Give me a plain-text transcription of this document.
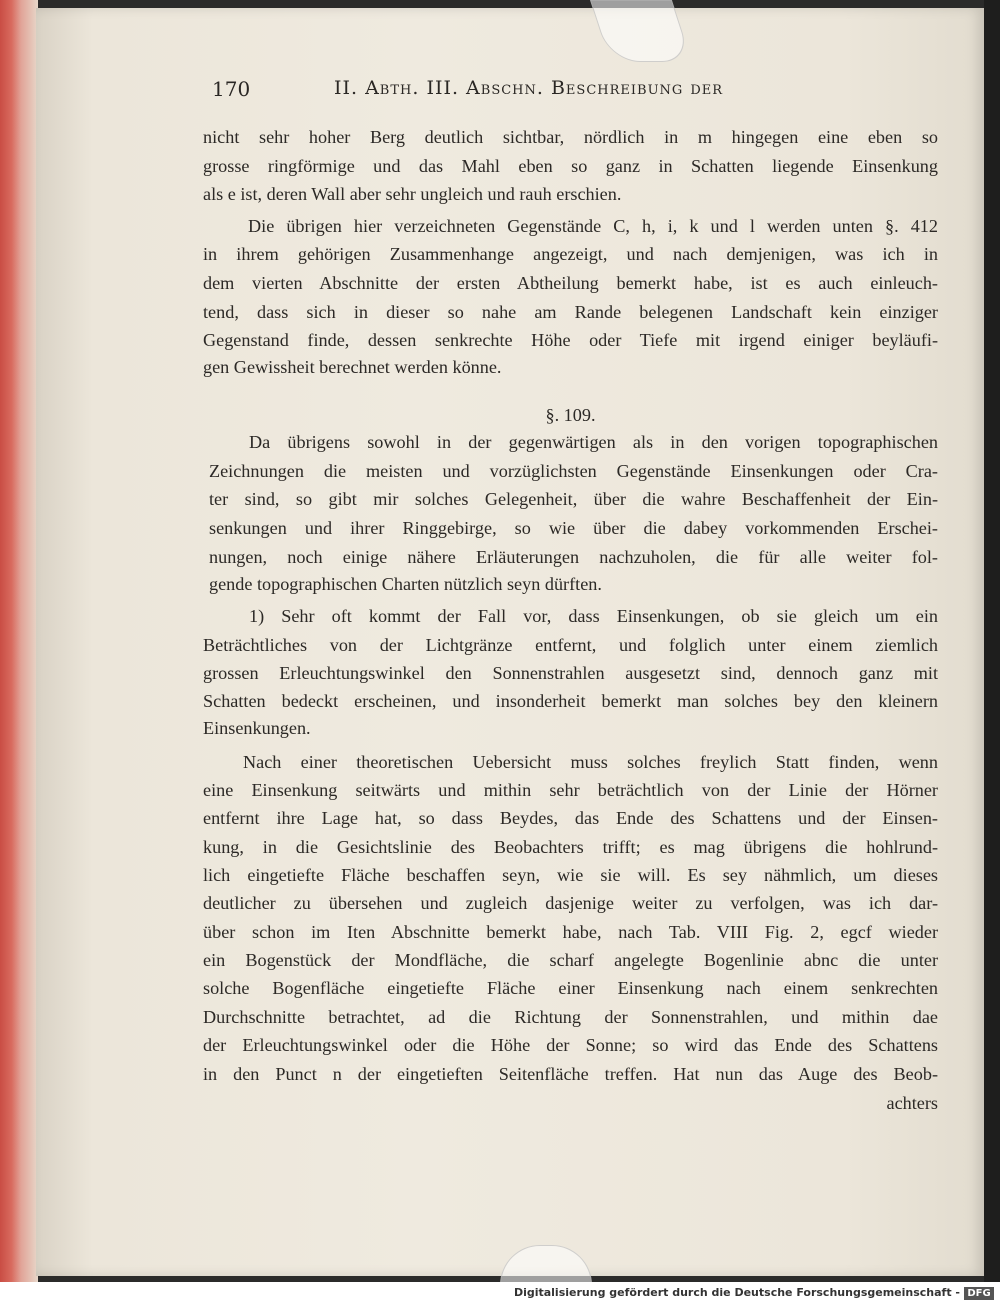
170	II. Abth. III. Abschn. Beschreibung der
nicht sehr hoher Berg deutlich sichtbar, nördlich in m hingegen eine eben so
grosse ringförmige und das Mahl eben so ganz in Schatten liegende Einsenkung
als e ist, deren Wall aber sehr ungleich und rauh erschien.
Die übrigen hier verzeichneten Gegenstände C, h, i, k und l werden unten §. 412
in ihrem gehörigen Zusammenhange angezeigt, und nach demjenigen, was ich in
dem vierten Abschnitte der ersten Abtheilung bemerkt habe, ist es auch einleuch-
tend, dass sich in dieser so nahe am Rande belegenen Landschaft kein einziger
Gegenstand finde, dessen senkrechte Höhe oder Tiefe mit irgend einiger beyläufi-
gen Gewissheit berechnet werden könne.
§. 109.
Da übrigens sowohl in der gegenwärtigen als in den vorigen topographischen
Zeichnungen die meisten und vorzüglichsten Gegenstände Einsenkungen oder Cra-
ter sind, so gibt mir solches Gelegenheit, über die wahre Beschaffenheit der Ein-
senkungen und ihrer Ringgebirge, so wie über die dabey vorkommenden Erschei-
nungen, noch einige nähere Erläuterungen nachzuholen, die für alle weiter fol-
gende topographischen Charten nützlich seyn dürften.
1) Sehr oft kommt der Fall vor, dass Einsenkungen, ob sie gleich um ein
Beträchtliches von der Lichtgränze entfernt, und folglich unter einem ziemlich
grossen Erleuchtungswinkel den Sonnenstrahlen ausgesetzt sind, dennoch ganz mit
Schatten bedeckt erscheinen, und insonderheit bemerkt man solches bey den kleinern
Einsenkungen.
Nach einer theoretischen Uebersicht muss solches freylich Statt finden, wenn
eine Einsenkung seitwärts und mithin sehr beträchtlich von der Linie der Hörner
entfernt ihre Lage hat, so dass Beydes, das Ende des Schattens und der Einsen-
kung, in die Gesichtslinie des Beobachters trifft; es mag übrigens die hohlrund-
lich eingetiefte Fläche beschaffen seyn, wie sie will. Es sey nähmlich, um dieses
deutlicher zu übersehen und zugleich dasjenige weiter zu verfolgen, was ich dar-
über schon im Iten Abschnitte bemerkt habe, nach Tab. VIII Fig. 2, egcf wieder
ein Bogenstück der Mondfläche, die scharf angelegte Bogenlinie abnc die unter
solche Bogenfläche eingetiefte Fläche einer Einsenkung nach einem senkrechten
Durchschnitte betrachtet, ad die Richtung der Sonnenstrahlen, und mithin dae
der Erleuchtungswinkel oder die Höhe der Sonne; so wird das Ende des Schattens
in den Punct n der eingetieften Seitenfläche treffen. Hat nun das Auge des Beob-
achters
Digitalisierung gefördert durch die Deutsche Forschungsgemeinschaft - DFG
